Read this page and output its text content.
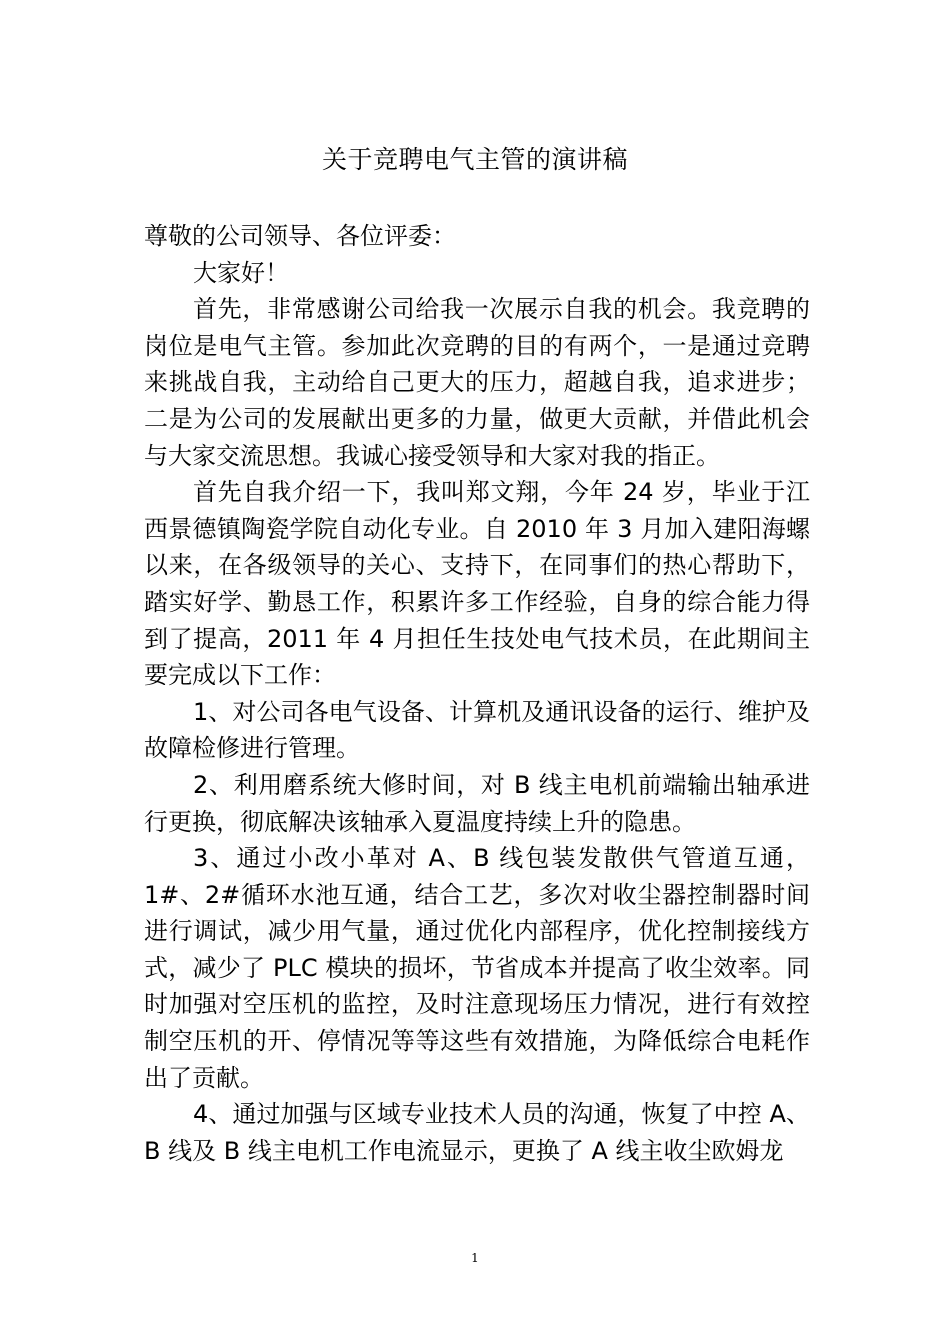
关于竞聘电气主管的演讲稿

尊敬的公司领导、各位评委：

大家好！

首先，非常感谢公司给我一次展示自我的机会。我竞聘的岗位是电气主管。参加此次竞聘的目的有两个，一是通过竞聘来挑战自我，主动给自己更大的压力，超越自我，追求进步；二是为公司的发展献出更多的力量，做更大贡献，并借此机会与大家交流思想。我诚心接受领导和大家对我的指正。

首先自我介绍一下，我叫郑文翔，今年 24 岁，毕业于江西景德镇陶瓷学院自动化专业。自 2010 年 3 月加入建阳海螺以来，在各级领导的关心、支持下，在同事们的热心帮助下，踏实好学、勤恳工作，积累许多工作经验，自身的综合能力得到了提高，2011 年 4 月担任生技处电气技术员，在此期间主要完成以下工作：

1、对公司各电气设备、计算机及通讯设备的运行、维护及故障检修进行管理。

2、利用磨系统大修时间，对 B 线主电机前端输出轴承进行更换，彻底解决该轴承入夏温度持续上升的隐患。

3、通过小改小革对 A、B 线包装发散供气管道互通，1#、2#循环水池互通，结合工艺，多次对收尘器控制器时间进行调试，减少用气量，通过优化内部程序，优化控制接线方式，减少了 PLC 模块的损坏，节省成本并提高了收尘效率。同时加强对空压机的监控，及时注意现场压力情况，进行有效控制空压机的开、停情况等等这些有效措施，为降低综合电耗作出了贡献。

4、通过加强与区域专业技术人员的沟通，恢复了中控 A、B 线及 B 线主电机工作电流显示，更换了 A 线主收尘欧姆龙

1
